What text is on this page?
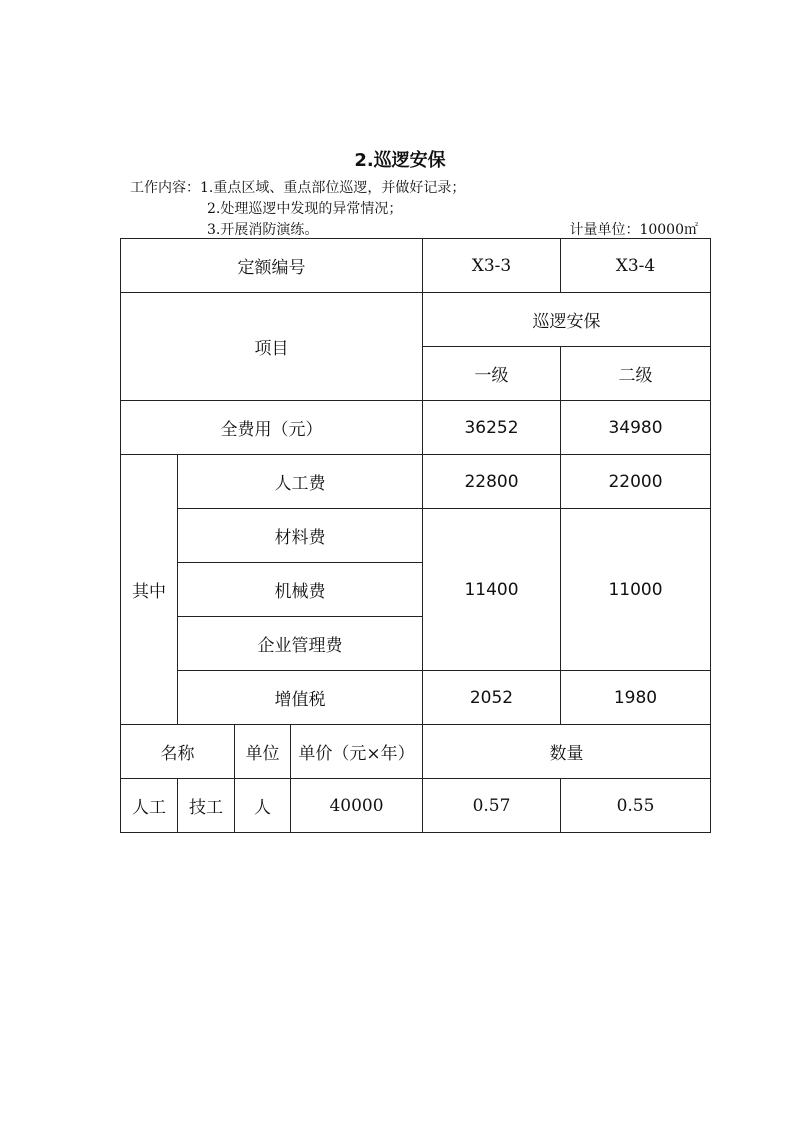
2.巡逻安保
工作内容：1.重点区域、重点部位巡逻，并做好记录；
2.处理巡逻中发现的异常情况；
3.开展消防演练。	计量单位：10000㎡
定额编号				X3-3	X3-4
项目				巡逻安保	
				一级	二级
全费用（元）				36252	34980
其中	人工费			22800	22000
	材料费			11400	11000
	机械费				
	企业管理费				
	增值税			2052	1980
名称		单位	单价（元×年）	数量	
人工	技工	人	40000	0.57	0.55
